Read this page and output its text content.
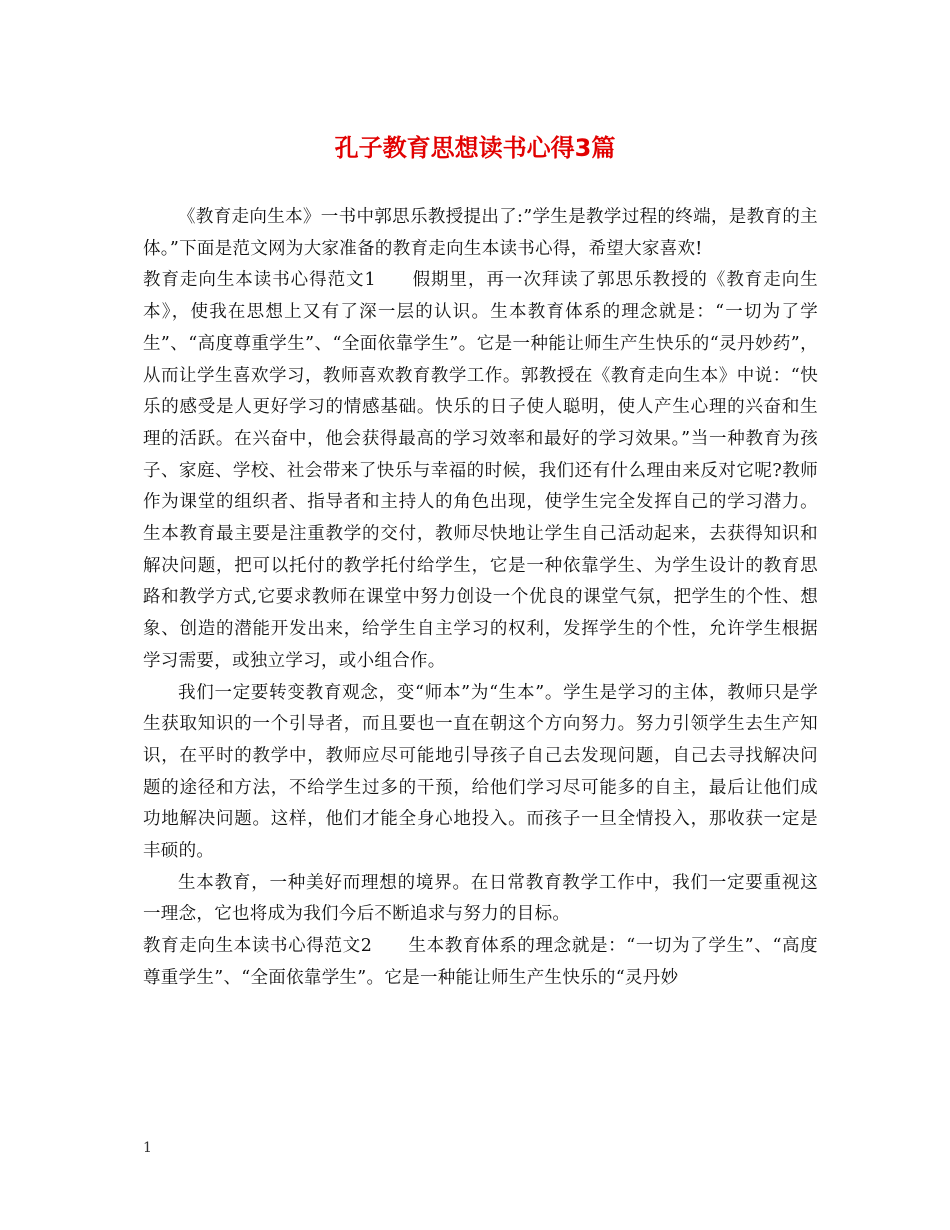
孔子教育思想读书心得3篇

《教育走向生本》一书中郭思乐教授提出了:”学生是教学过程的终端，是教育的主体。”下面是范文网为大家准备的教育走向生本读书心得，希望大家喜欢!

教育走向生本读书心得范文1 假期里，再一次拜读了郭思乐教授的《教育走向生本》，使我在思想上又有了深一层的认识。生本教育体系的理念就是：“一切为了学生”、“高度尊重学生”、“全面依靠学生”。它是一种能让师生产生快乐的“灵丹妙药”，从而让学生喜欢学习，教师喜欢教育教学工作。郭教授在《教育走向生本》中说：“快乐的感受是人更好学习的情感基础。快乐的日子使人聪明，使人产生心理的兴奋和生理的活跃。在兴奋中，他会获得最高的学习效率和最好的学习效果。”当一种教育为孩子、家庭、学校、社会带来了快乐与幸福的时候，我们还有什么理由来反对它呢?教师作为课堂的组织者、指导者和主持人的角色出现，使学生完全发挥自己的学习潜力。生本教育最主要是注重教学的交付，教师尽快地让学生自己活动起来，去获得知识和解决问题，把可以托付的教学托付给学生，它是一种依靠学生、为学生设计的教育思路和教学方式,它要求教师在课堂中努力创设一个优良的课堂气氛，把学生的个性、想象、创造的潜能开发出来，给学生自主学习的权利，发挥学生的个性，允许学生根据学习需要，或独立学习，或小组合作。

我们一定要转变教育观念，变“师本”为“生本”。学生是学习的主体，教师只是学生获取知识的一个引导者，而且要也一直在朝这个方向努力。努力引领学生去生产知识，在平时的教学中，教师应尽可能地引导孩子自己去发现问题，自己去寻找解决问题的途径和方法，不给学生过多的干预，给他们学习尽可能多的自主，最后让他们成功地解决问题。这样，他们才能全身心地投入。而孩子一旦全情投入，那收获一定是丰硕的。

生本教育，一种美好而理想的境界。在日常教育教学工作中，我们一定要重视这一理念，它也将成为我们今后不断追求与努力的目标。

教育走向生本读书心得范文2 生本教育体系的理念就是：“一切为了学生”、“高度尊重学生”、“全面依靠学生”。它是一种能让师生产生快乐的“灵丹妙

1
